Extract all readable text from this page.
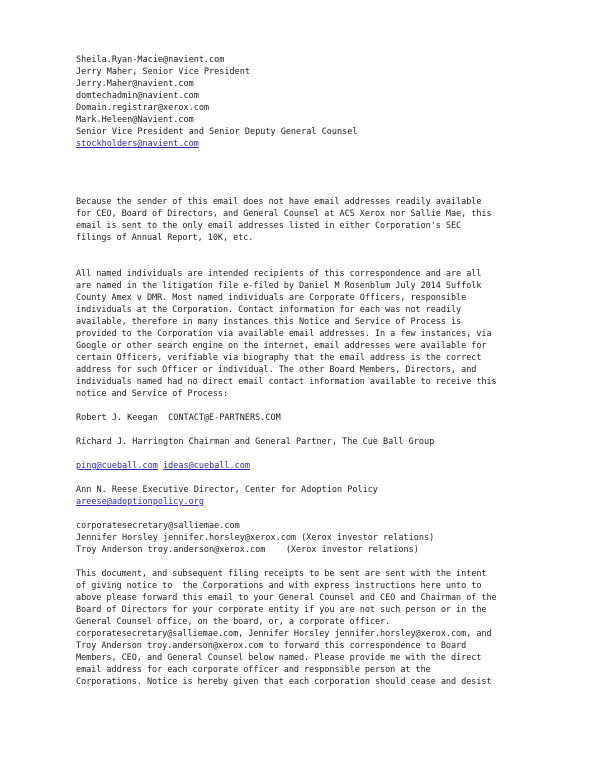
Sheila.Ryan-Macie@navient.com
Jerry Maher, Senior Vice President
Jerry.Maher@navient.com
domtechadmin@navient.com
Domain.registrar@xerox.com
Mark.Heleen@Navient.com
Senior Vice President and Senior Deputy General Counsel
stockholders@navient.com
Because the sender of this email does not have email addresses readily available
for CEO, Board of Directors, and General Counsel at ACS Xerox nor Sallie Mae, this
email is sent to the only email addresses listed in either Corporation's SEC
filings of Annual Report, 10K, etc.
All named individuals are intended recipients of this correspondence and are all
are named in the litigation file e-filed by Daniel M Rosenblum July 2014 Suffolk
County Amex v DMR. Most named individuals are Corporate Officers, responsible
individuals at the Corporation. Contact information for each was not readily
available, therefore in many instances this Notice and Service of Process is
provided to the Corporation via available email addresses. In a few instances, via
Google or other search engine on the internet, email addresses were available for
certain Officers, verifiable via biography that the email address is the correct
address for such Officer or individual. The other Board Members, Directors, and
individuals named had no direct email contact information available to receive this
notice and Service of Process:
Robert J. Keegan  CONTACT@E-PARTNERS.COM
Richard J. Harrington Chairman and General Partner, The Cue Ball Group
ping@cueball.com ideas@cueball.com
Ann N. Reese Executive Director, Center for Adoption Policy
areese@adoptionpolicy.org
corporatesecretary@salliemae.com
Jennifer Horsley jennifer.horsley@xerox.com (Xerox investor relations)
Troy Anderson troy.anderson@xerox.com    (Xerox investor relations)
This document, and subsequent filing receipts to be sent are sent with the intent
of giving notice to  the Corporations and with express instructions here unto to
above please forward this email to your General Counsel and CEO and Chairman of the
Board of Directors for your corporate entity if you are not such person or in the
General Counsel office, on the board, or, a corporate officer.
corporatesecretary@salliemae.com, Jennifer Horsley jennifer.horsley@xerox.com, and
Troy Anderson troy.anderson@xerox.com to forward this correspondence to Board
Members, CEO, and General Counsel below named. Please provide me with the direct
email address for each corporate officer and responsible person at the
Corporations. Notice is hereby given that each corporation should cease and desist
